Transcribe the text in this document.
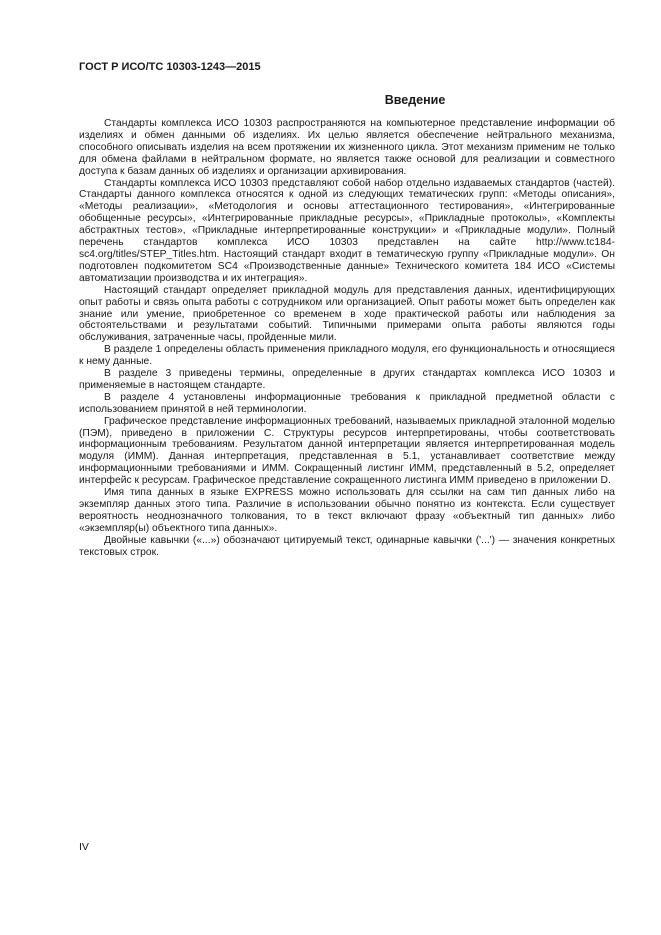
ГОСТ Р ИСО/ТС 10303-1243—2015
Введение

Стандарты комплекса ИСО 10303 распространяются на компьютерное представление информации об изделиях и обмен данными об изделиях. Их целью является обеспечение нейтрального механизма, способного описывать изделия на всем протяжении их жизненного цикла. Этот механизм применим не только для обмена файлами в нейтральном формате, но является также основой для реализации и совместного доступа к базам данных об изделиях и организации архивирования.

Стандарты комплекса ИСО 10303 представляют собой набор отдельно издаваемых стандартов (частей). Стандарты данного комплекса относятся к одной из следующих тематических групп: «Методы описания», «Методы реализации», «Методология и основы аттестационного тестирования», «Интегрированные обобщенные ресурсы», «Интегрированные прикладные ресурсы», «Прикладные протоколы», «Комплекты абстрактных тестов», «Прикладные интерпретированные конструкции» и «Прикладные модули». Полный перечень стандартов комплекса ИСО 10303 представлен на сайте http://www.tc184-sc4.org/titles/STEP_Titles.htm. Настоящий стандарт входит в тематическую группу «Прикладные модули». Он подготовлен подкомитетом SC4 «Производственные данные» Технического комитета 184 ИСО «Системы автоматизации производства и их интеграция».

Настоящий стандарт определяет прикладной модуль для представления данных, идентифицирующих опыт работы и связь опыта работы с сотрудником или организацией. Опыт работы может быть определен как знание или умение, приобретенное со временем в ходе практической работы или наблюдения за обстоятельствами и результатами событий. Типичными примерами опыта работы являются годы обслуживания, затраченные часы, пройденные мили.

В разделе 1 определены область применения прикладного модуля, его функциональность и относящиеся к нему данные.

В разделе 3 приведены термины, определенные в других стандартах комплекса ИСО 10303 и применяемые в настоящем стандарте.

В разделе 4 установлены информационные требования к прикладной предметной области с использованием принятой в ней терминологии.

Графическое представление информационных требований, называемых прикладной эталонной моделью (ПЭМ), приведено в приложении С. Структуры ресурсов интерпретированы, чтобы соответствовать информационным требованиям. Результатом данной интерпретации является интерпретированная модель модуля (ИММ). Данная интерпретация, представленная в 5.1, устанавливает соответствие между информационными требованиями и ИММ. Сокращенный листинг ИММ, представленный в 5.2, определяет интерфейс к ресурсам. Графическое представление сокращенного листинга ИММ приведено в приложении D.

Имя типа данных в языке EXPRESS можно использовать для ссылки на сам тип данных либо на экземпляр данных этого типа. Различие в использовании обычно понятно из контекста. Если существует вероятность неоднозначного толкования, то в текст включают фразу «объектный тип данных» либо «экземпляр(ы) объектного типа данных».

Двойные кавычки («...») обозначают цитируемый текст, одинарные кавычки ('...') — значения конкретных текстовых строк.

IV
